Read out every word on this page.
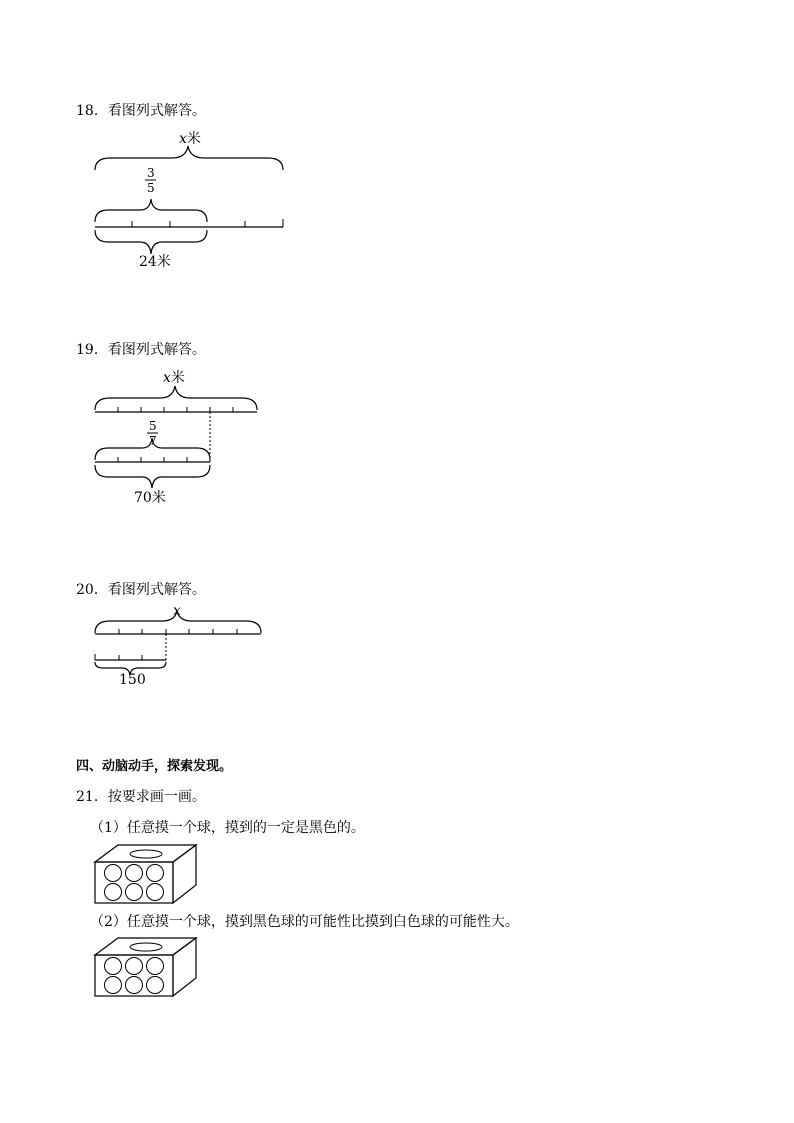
18．看图列式解答。
x米
3
5
24米
19．看图列式解答。
x米
5
7
70米
20．看图列式解答。
x
150
四、动脑动手，探索发现。
21．按要求画一画。
（1）任意摸一个球，摸到的一定是黑色的。
（2）任意摸一个球，摸到黑色球的可能性比摸到白色球的可能性大。
